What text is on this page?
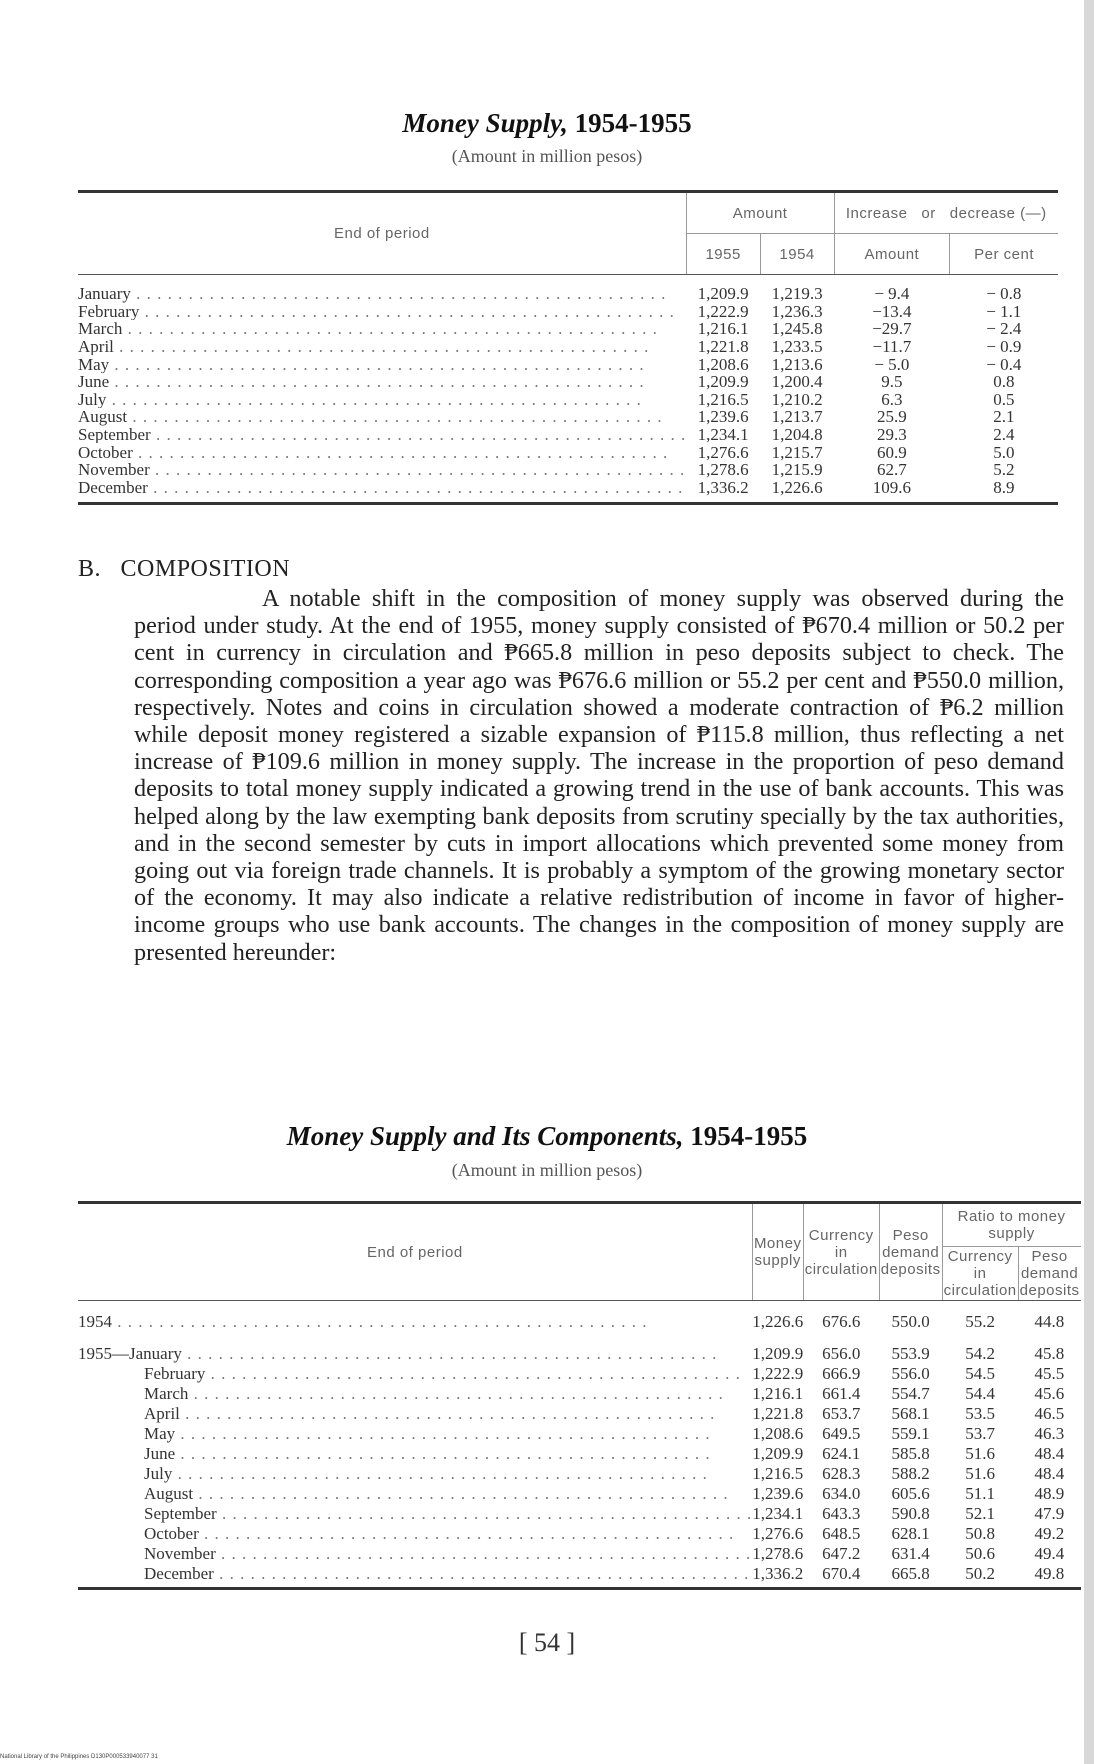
Money Supply, 1954-1955
(Amount in million pesos)
End of period	Amount		Increase   or   decrease (—)	
	1955	1954	Amount	Per cent
January . . . . . . . . . . . . . . . . . . . . . . . . . . . . . . . . . . . . . . . . . . . . . . . . . . .	1,209.9	1,219.3	− 9.4	− 0.8
February . . . . . . . . . . . . . . . . . . . . . . . . . . . . . . . . . . . . . . . . . . . . . . . . . . .	1,222.9	1,236.3	−13.4	− 1.1
March . . . . . . . . . . . . . . . . . . . . . . . . . . . . . . . . . . . . . . . . . . . . . . . . . . .	1,216.1	1,245.8	−29.7	− 2.4
April . . . . . . . . . . . . . . . . . . . . . . . . . . . . . . . . . . . . . . . . . . . . . . . . . . .	1,221.8	1,233.5	−11.7	− 0.9
May . . . . . . . . . . . . . . . . . . . . . . . . . . . . . . . . . . . . . . . . . . . . . . . . . . .	1,208.6	1,213.6	− 5.0	− 0.4
June . . . . . . . . . . . . . . . . . . . . . . . . . . . . . . . . . . . . . . . . . . . . . . . . . . .	1,209.9	1,200.4	9.5	0.8
July . . . . . . . . . . . . . . . . . . . . . . . . . . . . . . . . . . . . . . . . . . . . . . . . . . .	1,216.5	1,210.2	6.3	0.5
August . . . . . . . . . . . . . . . . . . . . . . . . . . . . . . . . . . . . . . . . . . . . . . . . . . .	1,239.6	1,213.7	25.9	2.1
September . . . . . . . . . . . . . . . . . . . . . . . . . . . . . . . . . . . . . . . . . . . . . . . . . . .	1,234.1	1,204.8	29.3	2.4
October . . . . . . . . . . . . . . . . . . . . . . . . . . . . . . . . . . . . . . . . . . . . . . . . . . .	1,276.6	1,215.7	60.9	5.0
November . . . . . . . . . . . . . . . . . . . . . . . . . . . . . . . . . . . . . . . . . . . . . . . . . . .	1,278.6	1,215.9	62.7	5.2
December . . . . . . . . . . . . . . . . . . . . . . . . . . . . . . . . . . . . . . . . . . . . . . . . . . .	1,336.2	1,226.6	109.6	8.9
B.   COMPOSITION
A notable shift in the composition of money supply was observed during the period under study. At the end of 1955, money supply consisted of ₱670.4 million or 50.2 per cent in currency in circulation and ₱665.8 million in peso deposits subject to check. The corresponding composition a year ago was ₱676.6 million or 55.2 per cent and ₱550.0 million, respectively. Notes and coins in circulation showed a moderate contraction of ₱6.2 million while deposit money registered a sizable expansion of ₱115.8 million, thus reflecting a net increase of ₱109.6 million in money supply. The increase in the proportion of peso demand deposits to total money supply indicated a growing trend in the use of bank accounts. This was helped along by the law exempting bank deposits from scrutiny specially by the tax authorities, and in the second semester by cuts in import allocations which prevented some money from going out via foreign trade channels. It is probably a symptom of the growing monetary sector of the economy. It may also indicate a relative redistribution of income in favor of higher-income groups who use bank accounts. The changes in the composition of money supply are presented hereunder:
Money Supply and Its Components, 1954-1955
(Amount in million pesos)
End of period	Money supply	Currency in circulation	Peso demand deposits	Ratio to money supply	
				Currency in circulation	Peso demand deposits
1954 . . . . . . . . . . . . . . . . . . . . . . . . . . . . . . . . . . . . . . . . . . . . . . . . . . .	1,226.6	676.6	550.0	55.2	44.8

1955—January . . . . . . . . . . . . . . . . . . . . . . . . . . . . . . . . . . . . . . . . . . . . . . . . . . .	1,209.9	656.0	553.9	54.2	45.8
February . . . . . . . . . . . . . . . . . . . . . . . . . . . . . . . . . . . . . . . . . . . . . . . . . . .	1,222.9	666.9	556.0	54.5	45.5
March . . . . . . . . . . . . . . . . . . . . . . . . . . . . . . . . . . . . . . . . . . . . . . . . . . .	1,216.1	661.4	554.7	54.4	45.6
April . . . . . . . . . . . . . . . . . . . . . . . . . . . . . . . . . . . . . . . . . . . . . . . . . . .	1,221.8	653.7	568.1	53.5	46.5
May . . . . . . . . . . . . . . . . . . . . . . . . . . . . . . . . . . . . . . . . . . . . . . . . . . .	1,208.6	649.5	559.1	53.7	46.3
June . . . . . . . . . . . . . . . . . . . . . . . . . . . . . . . . . . . . . . . . . . . . . . . . . . .	1,209.9	624.1	585.8	51.6	48.4
July . . . . . . . . . . . . . . . . . . . . . . . . . . . . . . . . . . . . . . . . . . . . . . . . . . .	1,216.5	628.3	588.2	51.6	48.4
August . . . . . . . . . . . . . . . . . . . . . . . . . . . . . . . . . . . . . . . . . . . . . . . . . . .	1,239.6	634.0	605.6	51.1	48.9
September . . . . . . . . . . . . . . . . . . . . . . . . . . . . . . . . . . . . . . . . . . . . . . . . . . .	1,234.1	643.3	590.8	52.1	47.9
October . . . . . . . . . . . . . . . . . . . . . . . . . . . . . . . . . . . . . . . . . . . . . . . . . . .	1,276.6	648.5	628.1	50.8	49.2
November . . . . . . . . . . . . . . . . . . . . . . . . . . . . . . . . . . . . . . . . . . . . . . . . . . .	1,278.6	647.2	631.4	50.6	49.4
December . . . . . . . . . . . . . . . . . . . . . . . . . . . . . . . . . . . . . . . . . . . . . . . . . . .	1,336.2	670.4	665.8	50.2	49.8
[ 54 ]
National Library of the Philippines D130P000533940077 31
